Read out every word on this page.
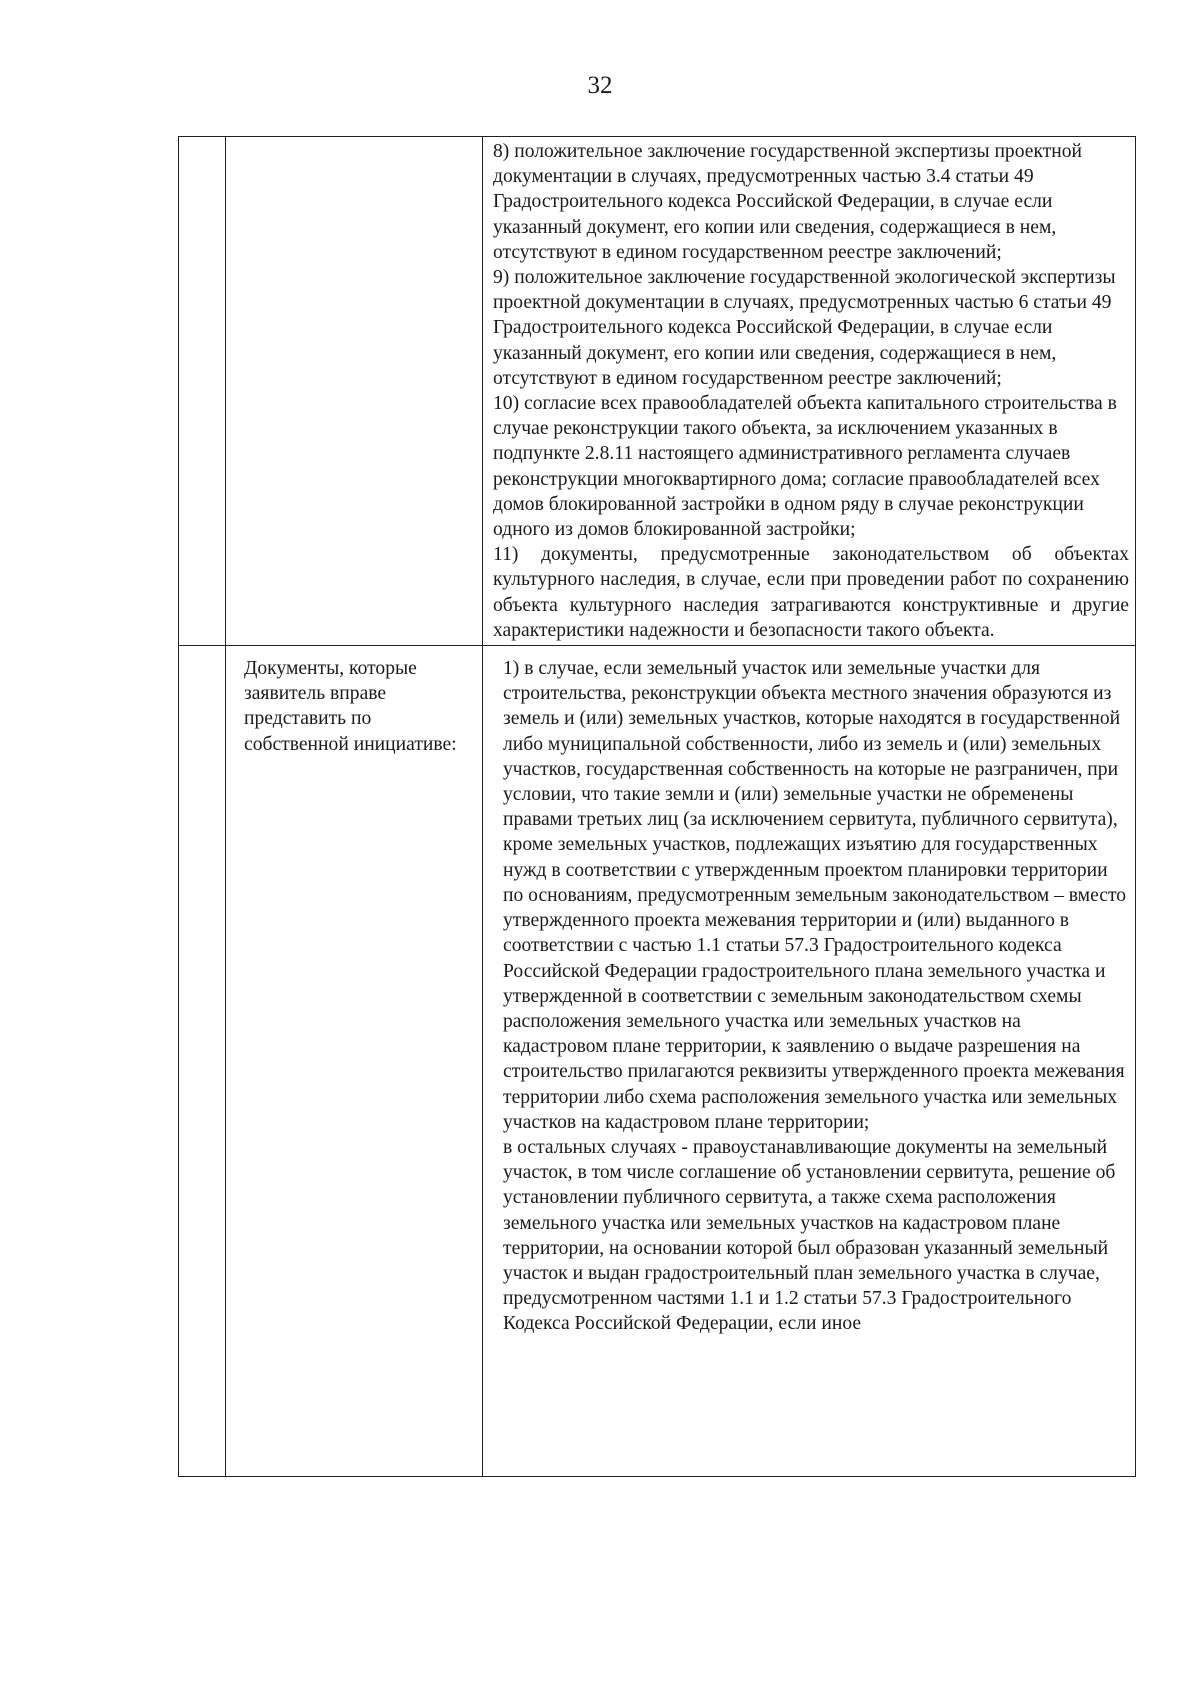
32

		8) положительное заключение государственной экспертизы проектной документации в случаях, предусмотренных частью 3.4 статьи 49 Градостроительного кодекса Российской Федерации, в случае если указанный документ, его копии или сведения, содержащиеся в нем, отсутствуют в едином государственном реестре заключений;
9) положительное заключение государственной экологической экспертизы проектной документации в случаях, предусмотренных частью 6 статьи 49 Градостроительного кодекса Российской Федерации, в случае если указанный документ, его копии или сведения, содержащиеся в нем, отсутствуют в едином государственном реестре заключений;
10) согласие всех правообладателей объекта капитального строительства в случае реконструкции такого объекта, за исключением указанных в подпункте 2.8.11 настоящего административного регламента случаев реконструкции многоквартирного дома; согласие правообладателей всех домов блокированной застройки в одном ряду в случае реконструкции одного из домов блокированной застройки;
11) документы, предусмотренные законодательством об объектах культурного наследия, в случае, если при проведении работ по сохранению объекта культурного наследия затрагиваются конструктивные и другие характеристики надежности и безопасности такого объекта.

	Документы, которые заявитель вправе представить по собственной инициативе:	1) в случае, если земельный участок или земельные участки для строительства, реконструкции объекта местного значения образуются из земель и (или) земельных участков, которые находятся в государственной либо муниципальной собственности, либо из земель и (или) земельных участков, государственная собственность на которые не разграничен, при условии, что такие земли и (или) земельные участки не обременены правами третьих лиц (за исключением сервитута, публичного сервитута), кроме земельных участков, подлежащих изъятию для государственных нужд в соответствии с утвержденным проектом планировки территории по основаниям, предусмотренным земельным законодательством – вместо утвержденного проекта межевания территории и (или) выданного в соответствии с частью 1.1 статьи 57.3 Градостроительного кодекса Российской Федерации градостроительного плана земельного участка и утвержденной в соответствии с земельным законодательством схемы расположения земельного участка или земельных участков на кадастровом плане территории, к заявлению о выдаче разрешения на строительство прилагаются реквизиты утвержденного проекта межевания территории либо схема расположения земельного участка или земельных участков на кадастровом плане территории;
в остальных случаях - правоустанавливающие документы на земельный участок, в том числе соглашение об установлении сервитута, решение об установлении публичного сервитута, а также схема расположения земельного участка или земельных участков на кадастровом плане территории, на основании которой был образован указанный земельный участок и выдан градостроительный план земельного участка в случае, предусмотренном частями 1.1 и 1.2 статьи 57.3 Градостроительного Кодекса Российской Федерации, если иное
